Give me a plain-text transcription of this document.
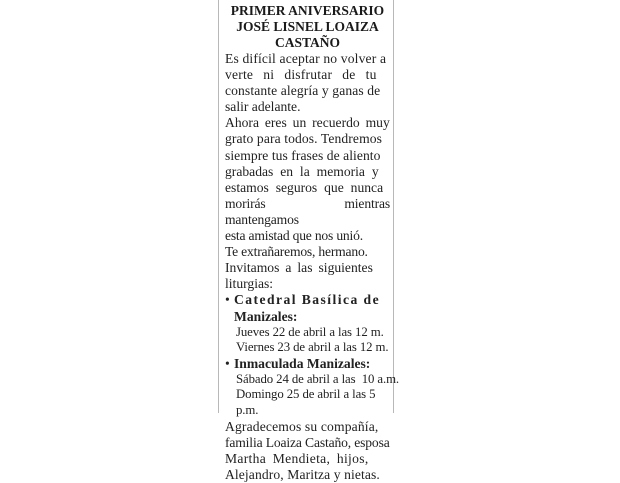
PRIMER ANIVERSARIO
JOSÉ LISNEL LOAIZA
CASTAÑO
Es difícil aceptar no volver a
verte ni disfrutar de tu
constante alegría y ganas de
salir adelante.
Ahora eres un recuerdo muy
grato para todos. Tendremos
siempre tus frases de aliento
grabadas en la memoria y
estamos seguros que nunca
morirás mientras mantengamos
esta amistad que nos unió.
Te extrañaremos, hermano.
Invitamos a las siguientes
liturgias:
• Catedral Basílica de
Manizales:
Jueves 22 de abril a las 12 m.
Viernes 23 de abril a las 12 m.
• Inmaculada Manizales:
Sábado 24 de abril a las  10 a.m.
Domingo 25 de abril a las 5 p.m.
Agradecemos su compañía,
familia Loaiza Castaño, esposa
Martha Mendieta, hijos,
Alejandro, Maritza y nietas.
